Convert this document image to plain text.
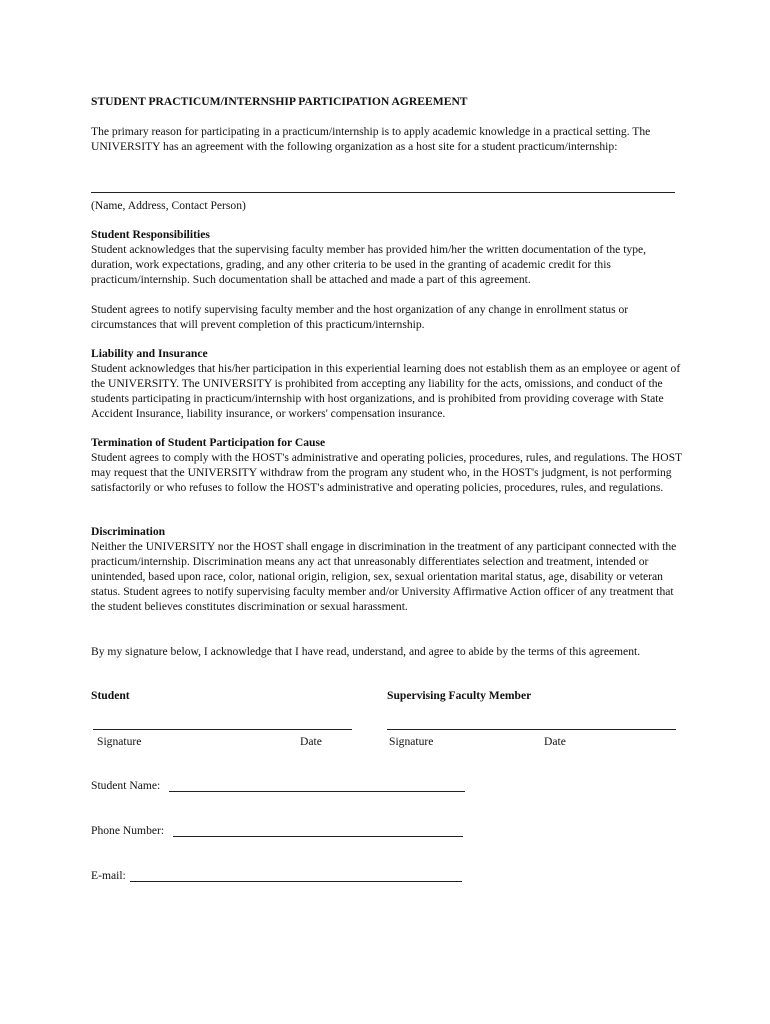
STUDENT PRACTICUM/INTERNSHIP PARTICIPATION AGREEMENT

The primary reason for participating in a practicum/internship is to apply academic knowledge in a practical setting. The UNIVERSITY has an agreement with the following organization as a host site for a student practicum/internship:

(Name, Address, Contact Person)
Student Responsibilities

Student acknowledges that the supervising faculty member has provided him/her the written documentation of the type, duration, work expectations, grading, and any other criteria to be used in the granting of academic credit for this practicum/internship. Such documentation shall be attached and made a part of this agreement.

Student agrees to notify supervising faculty member and the host organization of any change in enrollment status or circumstances that will prevent completion of this practicum/internship.

Liability and Insurance

Student acknowledges that his/her participation in this experiential learning does not establish them as an employee or agent of the UNIVERSITY. The UNIVERSITY is prohibited from accepting any liability for the acts, omissions, and conduct of the students participating in practicum/internship with host organizations, and is prohibited from providing coverage with State Accident Insurance, liability insurance, or workers' compensation insurance.

Termination of Student Participation for Cause

Student agrees to comply with the HOST's administrative and operating policies, procedures, rules, and regulations. The HOST may request that the UNIVERSITY withdraw from the program any student who, in the HOST's judgment, is not performing satisfactorily or who refuses to follow the HOST's administrative and operating policies, procedures, rules, and regulations.

Discrimination

Neither the UNIVERSITY nor the HOST shall engage in discrimination in the treatment of any participant connected with the practicum/internship. Discrimination means any act that unreasonably differentiates selection and treatment, intended or unintended, based upon race, color, national origin, religion, sex, sexual orientation marital status, age, disability or veteran status. Student agrees to notify supervising faculty member and/or University Affirmative Action officer of any treatment that the student believes constitutes discrimination or sexual harassment.

By my signature below, I acknowledge that I have read, understand, and agree to abide by the terms of this agreement.

Student	Supervising Faculty Member
Signature	Date	Signature	Date
Student Name:
Phone Number:
E-mail:
